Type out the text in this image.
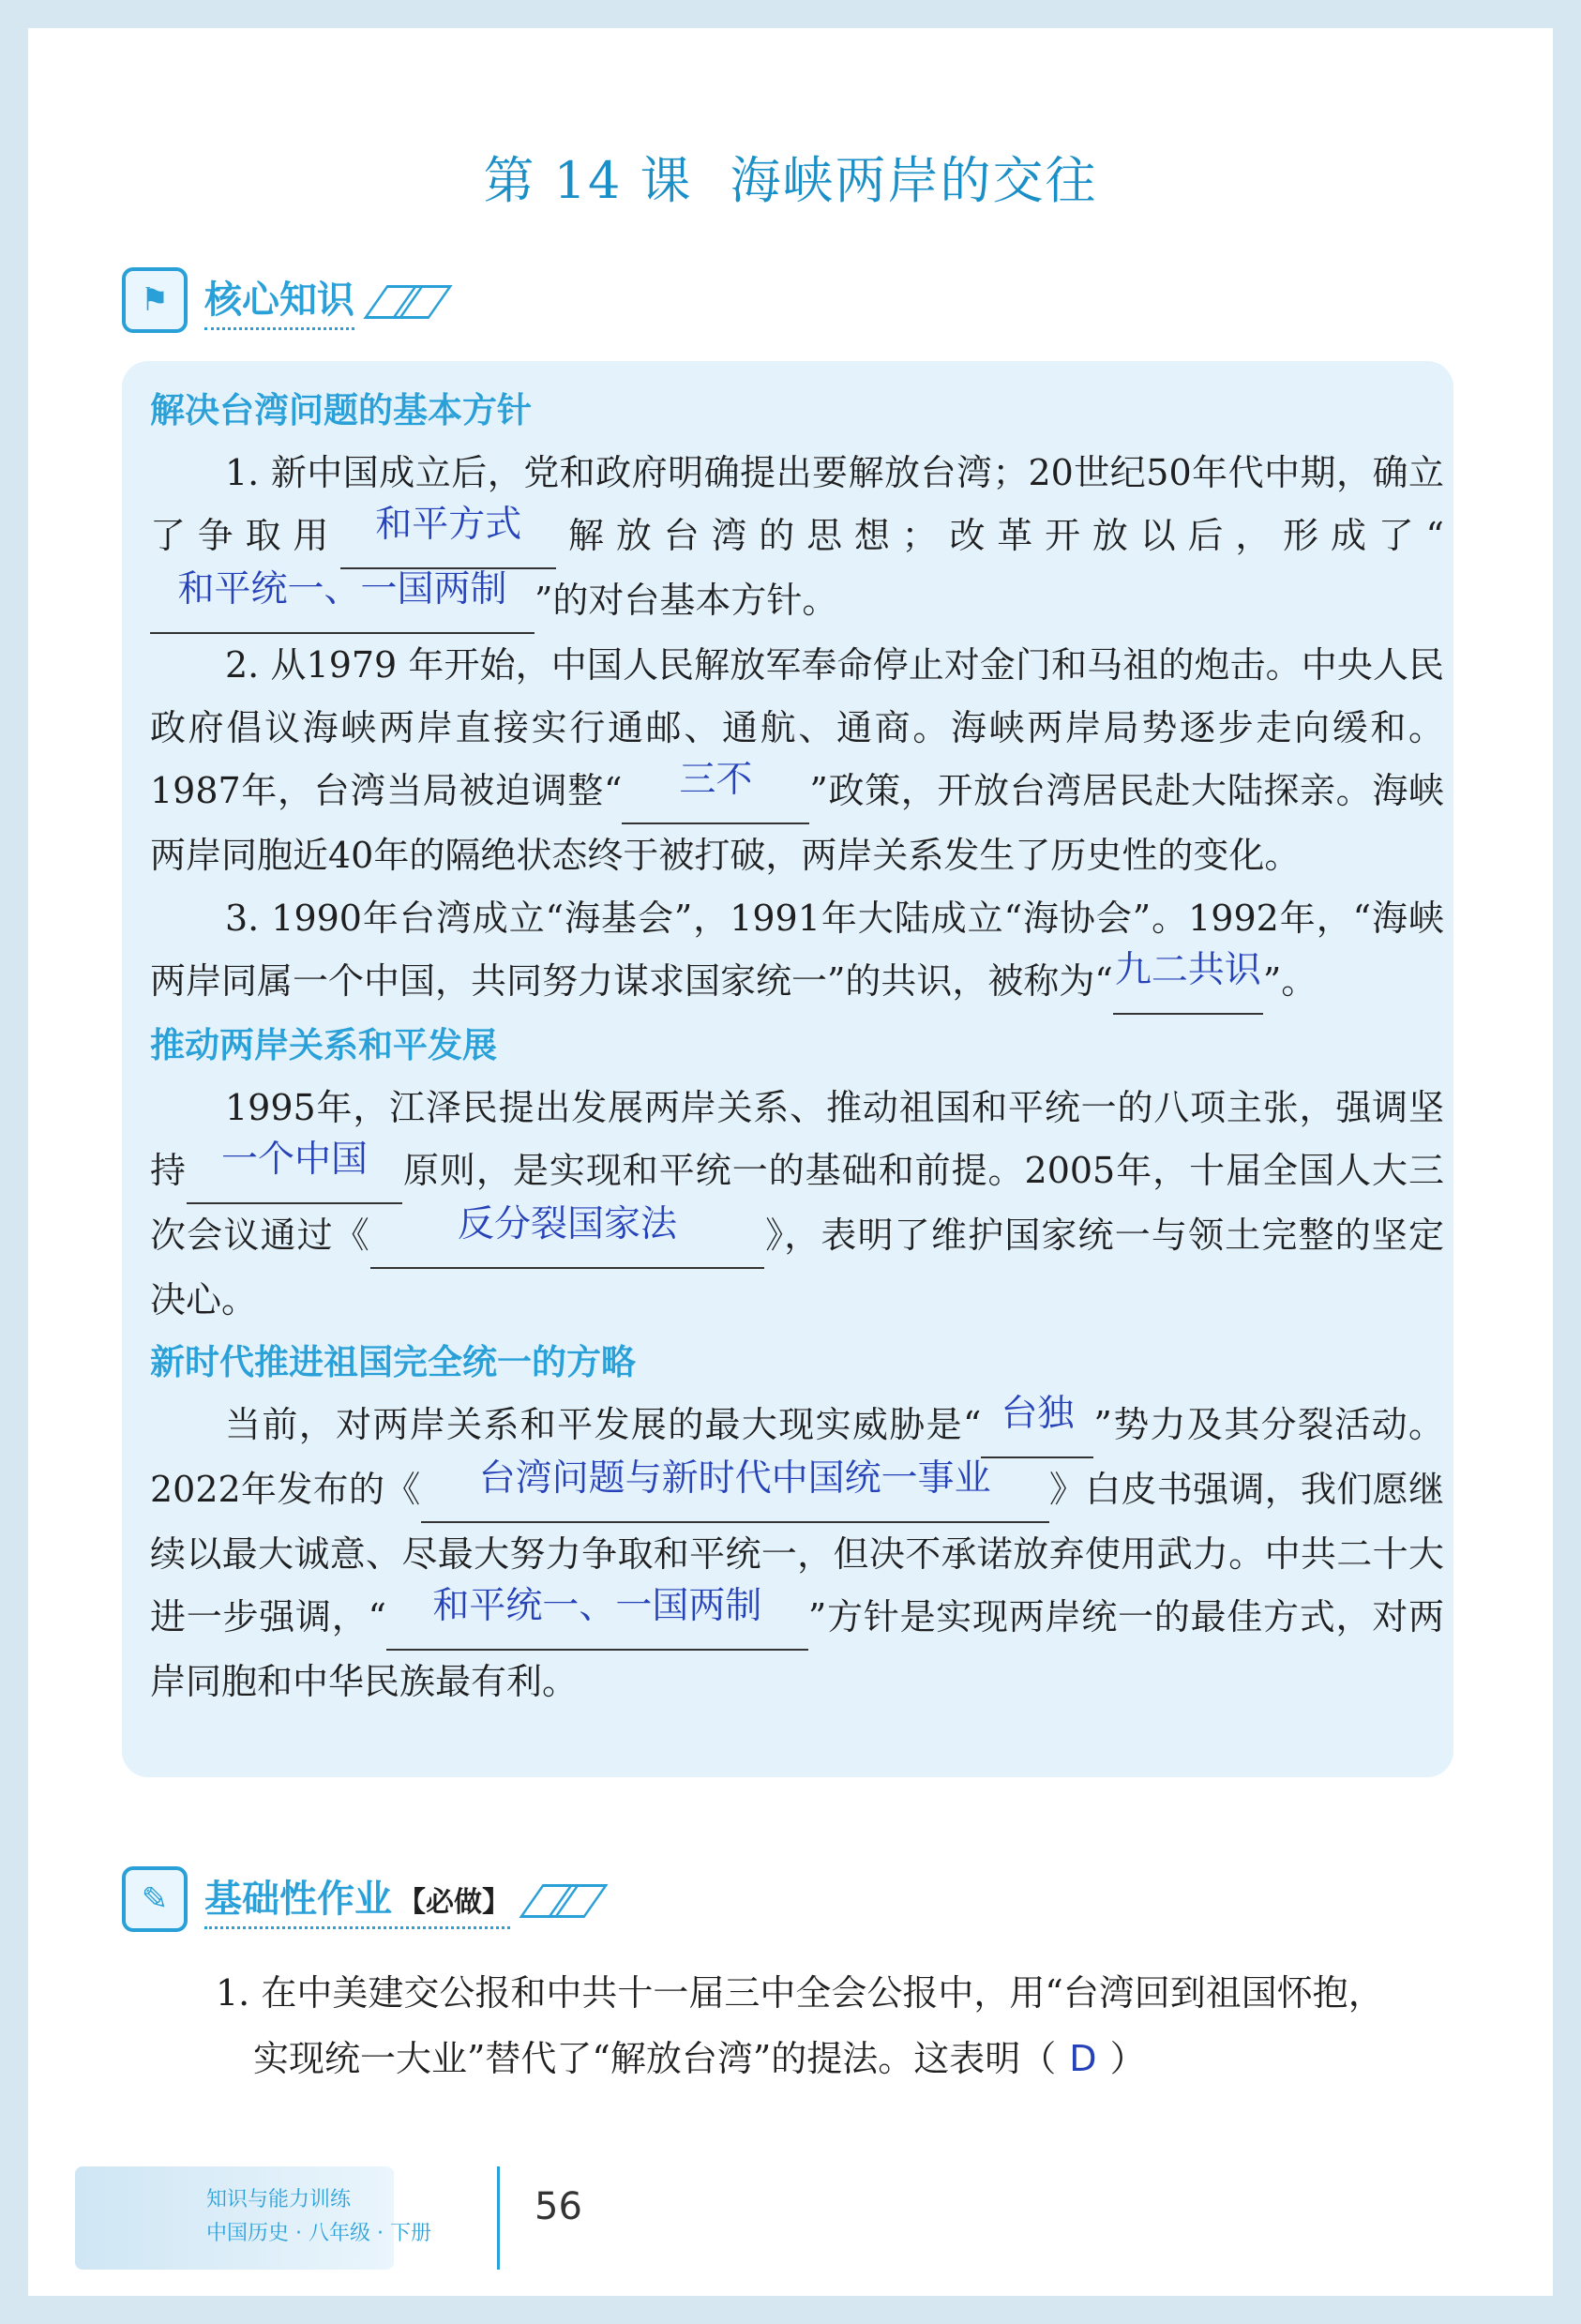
第 14 课 海峡两岸的交往
⚑ 核心知识

解决台湾问题的基本方针

1. 新中国成立后，党和政府明确提出要解放台湾；20世纪50年代中期，确立了争取用 和平方式 解放台湾的思想；改革开放以后，形成了“和平统一、一国两制 ”的对台基本方针。

2. 从1979 年开始，中国人民解放军奉命停止对金门和马祖的炮击。中央人民政府倡议海峡两岸直接实行通邮、通航、通商。海峡两岸局势逐步走向缓和。1987年，台湾当局被迫调整“ 三不 ”政策，开放台湾居民赴大陆探亲。海峡两岸同胞近40年的隔绝状态终于被打破，两岸关系发生了历史性的变化。

3. 1990年台湾成立“海基会”，1991年大陆成立“海协会”。1992年，“海峡两岸同属一个中国，共同努力谋求国家统一”的共识，被称为“九二共识”。

推动两岸关系和平发展

1995年，江泽民提出发展两岸关系、推动祖国和平统一的八项主张，强调坚持 一个中国 原则，是实现和平统一的基础和前提。2005年，十届全国人大三次会议通过《 反分裂国家法 》，表明了维护国家统一与领土完整的坚定决心。

新时代推进祖国完全统一的方略

当前，对两岸关系和平发展的最大现实威胁是“ 台独 ”势力及其分裂活动。2022年发布的《 台湾问题与新时代中国统一事业 》白皮书强调，我们愿继续以最大诚意、尽最大努力争取和平统一，但决不承诺放弃使用武力。中共二十大进一步强调，“ 和平统一、一国两制 ”方针是实现两岸统一的最佳方式，对两岸同胞和中华民族最有利。

✎ 基础性作业 【必做】
1. 在中美建交公报和中共十一届三中全会公报中，用“台湾回到祖国怀抱，
实现统一大业”替代了“解放台湾”的提法。这表明（ D ）
知识与能力训练
中国历史 · 八年级 · 下册
56
